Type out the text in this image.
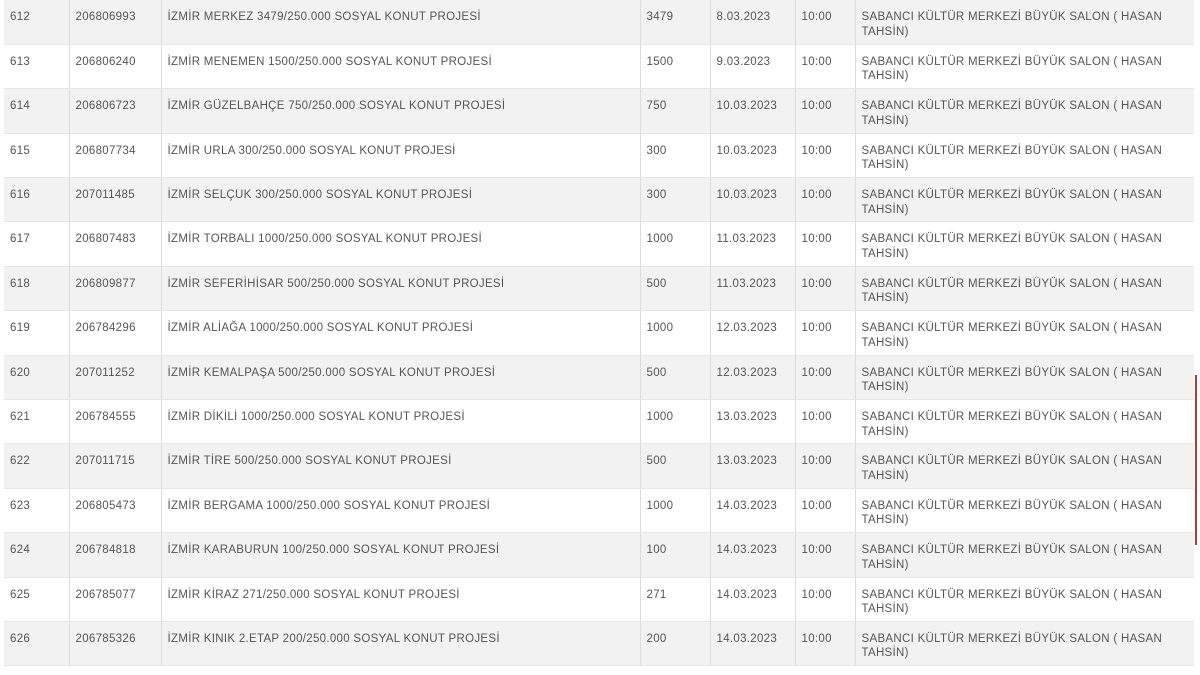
612	206806993	İZMİR MERKEZ 3479/250.000 SOSYAL KONUT PROJESİ	3479	8.03.2023	10:00	SABANCI KÜLTÜR MERKEZİ BÜYÜK SALON ( HASAN TAHSİN)
613	206806240	İZMİR MENEMEN 1500/250.000 SOSYAL KONUT PROJESİ	1500	9.03.2023	10:00	SABANCI KÜLTÜR MERKEZİ BÜYÜK SALON ( HASAN TAHSİN)
614	206806723	İZMİR GÜZELBAHÇE 750/250.000 SOSYAL KONUT PROJESİ	750	10.03.2023	10:00	SABANCI KÜLTÜR MERKEZİ BÜYÜK SALON ( HASAN TAHSİN)
615	206807734	İZMİR URLA 300/250.000 SOSYAL KONUT PROJESİ	300	10.03.2023	10:00	SABANCI KÜLTÜR MERKEZİ BÜYÜK SALON ( HASAN TAHSİN)
616	207011485	İZMİR SELÇUK 300/250.000 SOSYAL KONUT PROJESİ	300	10.03.2023	10:00	SABANCI KÜLTÜR MERKEZİ BÜYÜK SALON ( HASAN TAHSİN)
617	206807483	İZMİR TORBALI 1000/250.000 SOSYAL KONUT PROJESİ	1000	11.03.2023	10:00	SABANCI KÜLTÜR MERKEZİ BÜYÜK SALON ( HASAN TAHSİN)
618	206809877	İZMİR SEFERİHİSAR 500/250.000 SOSYAL KONUT PROJESİ	500	11.03.2023	10:00	SABANCI KÜLTÜR MERKEZİ BÜYÜK SALON ( HASAN TAHSİN)
619	206784296	İZMİR ALİAĞA 1000/250.000 SOSYAL KONUT PROJESİ	1000	12.03.2023	10:00	SABANCI KÜLTÜR MERKEZİ BÜYÜK SALON ( HASAN TAHSİN)
620	207011252	İZMİR KEMALPAŞA 500/250.000 SOSYAL KONUT PROJESİ	500	12.03.2023	10:00	SABANCI KÜLTÜR MERKEZİ BÜYÜK SALON ( HASAN TAHSİN)
621	206784555	İZMİR DİKİLİ 1000/250.000 SOSYAL KONUT PROJESİ	1000	13.03.2023	10:00	SABANCI KÜLTÜR MERKEZİ BÜYÜK SALON ( HASAN TAHSİN)
622	207011715	İZMİR TİRE 500/250.000 SOSYAL KONUT PROJESİ	500	13.03.2023	10:00	SABANCI KÜLTÜR MERKEZİ BÜYÜK SALON ( HASAN TAHSİN)
623	206805473	İZMİR BERGAMA 1000/250.000 SOSYAL KONUT PROJESİ	1000	14.03.2023	10:00	SABANCI KÜLTÜR MERKEZİ BÜYÜK SALON ( HASAN TAHSİN)
624	206784818	İZMİR KARABURUN 100/250.000 SOSYAL KONUT PROJESİ	100	14.03.2023	10:00	SABANCI KÜLTÜR MERKEZİ BÜYÜK SALON ( HASAN TAHSİN)
625	206785077	İZMİR KİRAZ 271/250.000 SOSYAL KONUT PROJESİ	271	14.03.2023	10:00	SABANCI KÜLTÜR MERKEZİ BÜYÜK SALON ( HASAN TAHSİN)
626	206785326	İZMİR KINIK 2.ETAP 200/250.000 SOSYAL KONUT PROJESİ	200	14.03.2023	10:00	SABANCI KÜLTÜR MERKEZİ BÜYÜK SALON ( HASAN TAHSİN)
